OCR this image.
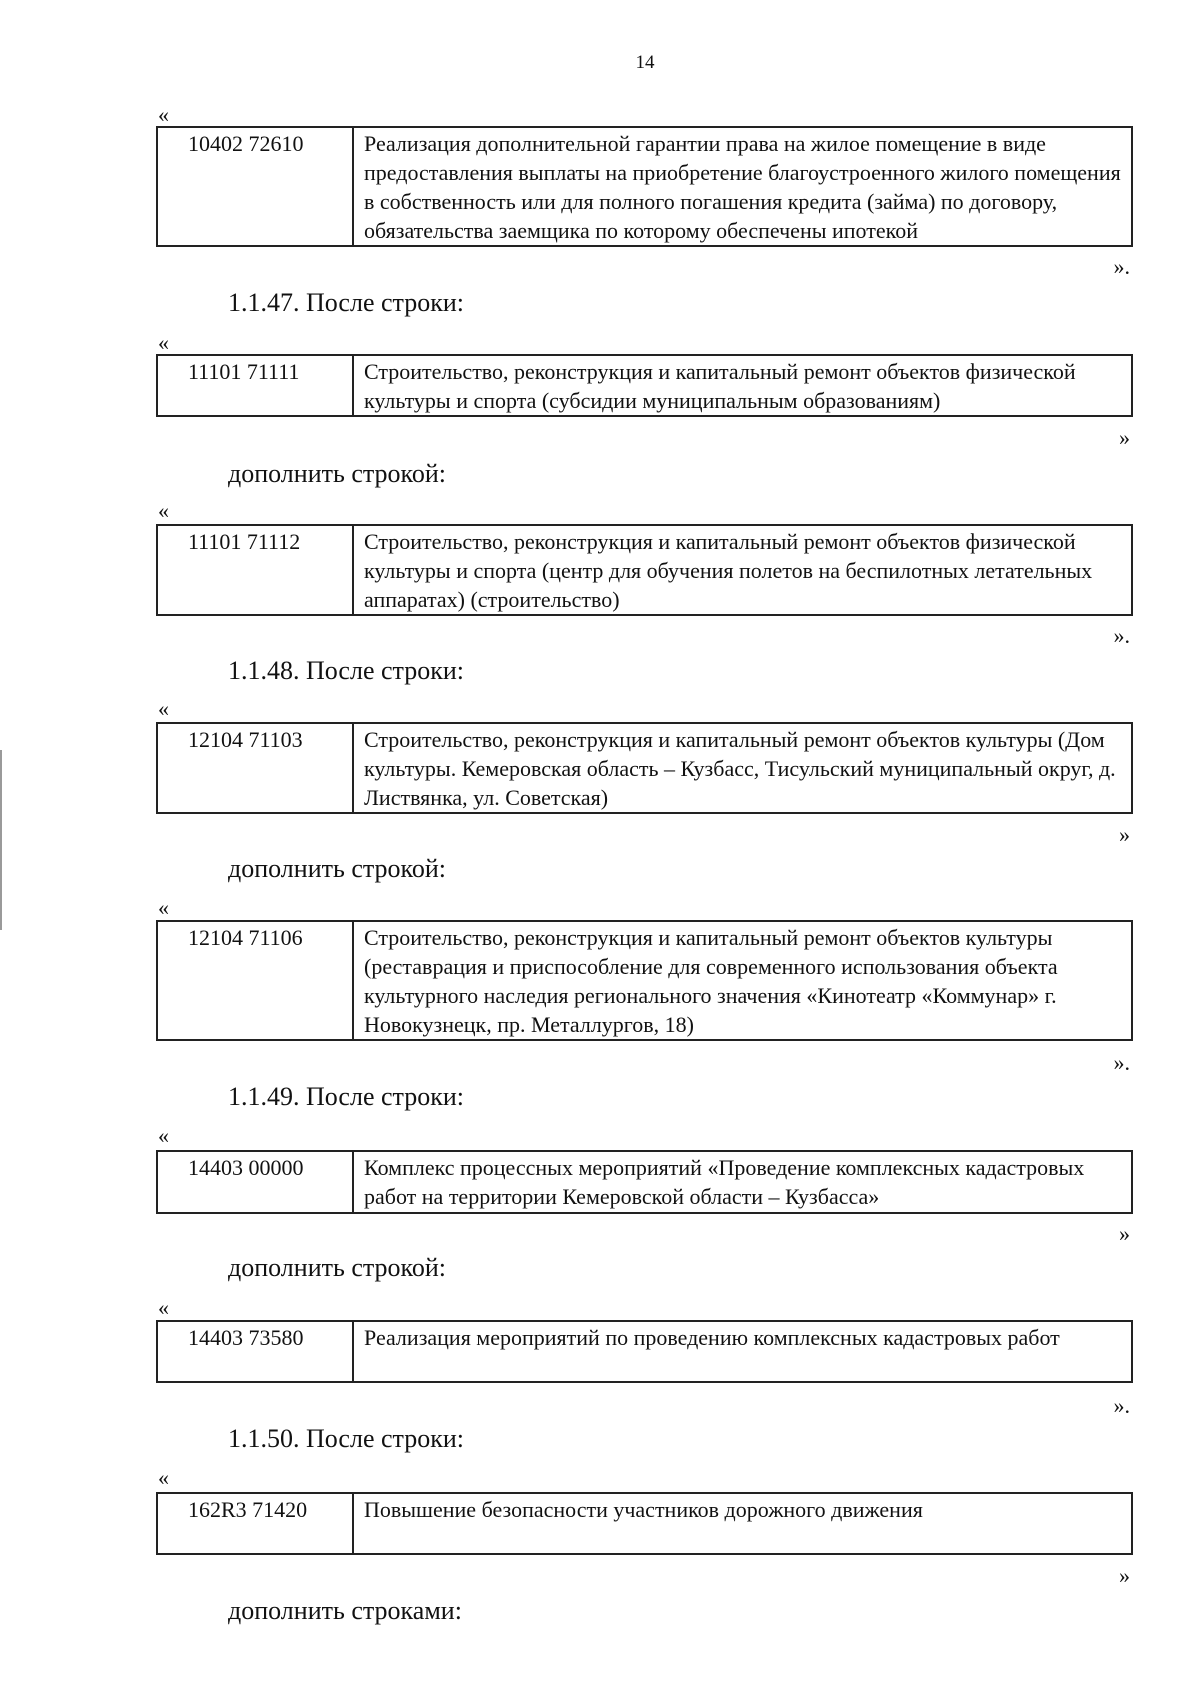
14
«
10402 72610	Реализация дополнительной гарантии права на жилое помещение в виде предоставления выплаты на приобретение благоустроенного жилого помещения в собственность или для полного погашения кредита (займа) по договору, обязательства заемщика по которому обеспечены ипотекой
».
1.1.47. После строки:
«
11101 71111	Строительство, реконструкция и капитальный ремонт объектов физической культуры и спорта (субсидии муниципальным образованиям)
»
дополнить строкой:
«
11101 71112	Строительство, реконструкция и капитальный ремонт объектов физической культуры и спорта (центр для обучения полетов на беспилотных летательных аппаратах) (строительство)
».
1.1.48. После строки:
«
12104 71103	Строительство, реконструкция и капитальный ремонт объектов культуры (Дом культуры. Кемеровская область – Кузбасс, Тисульский муниципальный округ, д. Листвянка, ул. Советская)
»
дополнить строкой:
«
12104 71106	Строительство, реконструкция и капитальный ремонт объектов культуры (реставрация и приспособление для современного использования объекта культурного наследия регионального значения «Кинотеатр «Коммунар» г. Новокузнецк, пр. Металлургов, 18)
».
1.1.49. После строки:
«
14403 00000	Комплекс процессных мероприятий «Проведение комплексных кадастровых работ на территории Кемеровской области – Кузбасса»
»
дополнить строкой:
«
14403 73580	Реализация мероприятий по проведению комплексных кадастровых работ
».
1.1.50. После строки:
«
162R3 71420	Повышение безопасности участников дорожного движения
»
дополнить строками:
